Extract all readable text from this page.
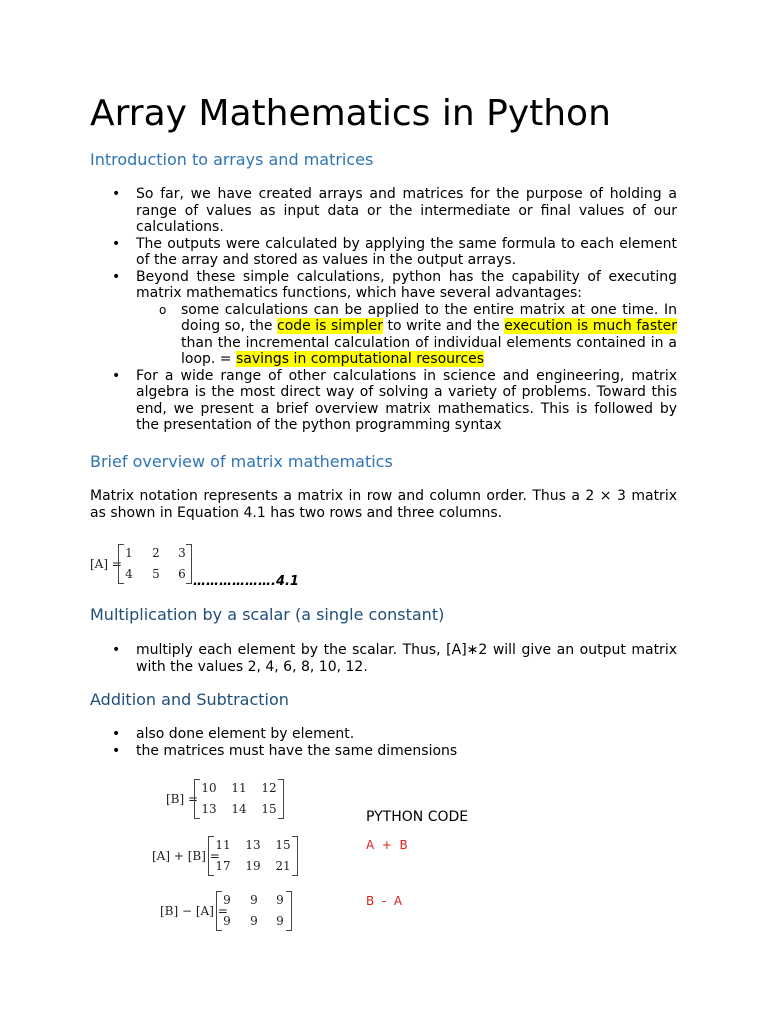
Array Mathematics in Python
Introduction to arrays and matrices
• So far, we have created arrays and matrices for the purpose of holding a range of values as input data or the intermediate or final values of our calculations.
• The outputs were calculated by applying the same formula to each element of the array and stored as values in the output arrays.
• Beyond these simple calculations, python has the capability of executing matrix mathematics functions, which have several advantages:
o some calculations can be applied to the entire matrix at one time. In doing so, the code is simpler to write and the execution is much faster than the incremental calculation of individual elements contained in a loop. = savings in computational resources
• For a wide range of other calculations in science and engineering, matrix algebra is the most direct way of solving a variety of problems. Toward this end, we present a brief overview matrix mathematics. This is followed by the presentation of the python programming syntax
Brief overview of matrix mathematics

Matrix notation represents a matrix in row and column order. Thus a 2 × 3 matrix as shown in Equation 4.1 has two rows and three columns.

[A] =
1 2 3
4 5 6 ……………….4.1
Multiplication by a scalar (a single constant)
• multiply each element by the scalar. Thus, [A]∗2 will give an output matrix with the values 2, 4, 6, 8, 10, 12.
Addition and Subtraction
• also done element by element.
• the matrices must have the same dimensions
[B] =
10 11 12
13 14 15	PYTHON CODE
[A] + [B] =
11 13 15
17 19 21
A  +  B
[B] − [A] =
9 9 9
9 9 9
B  -  A
